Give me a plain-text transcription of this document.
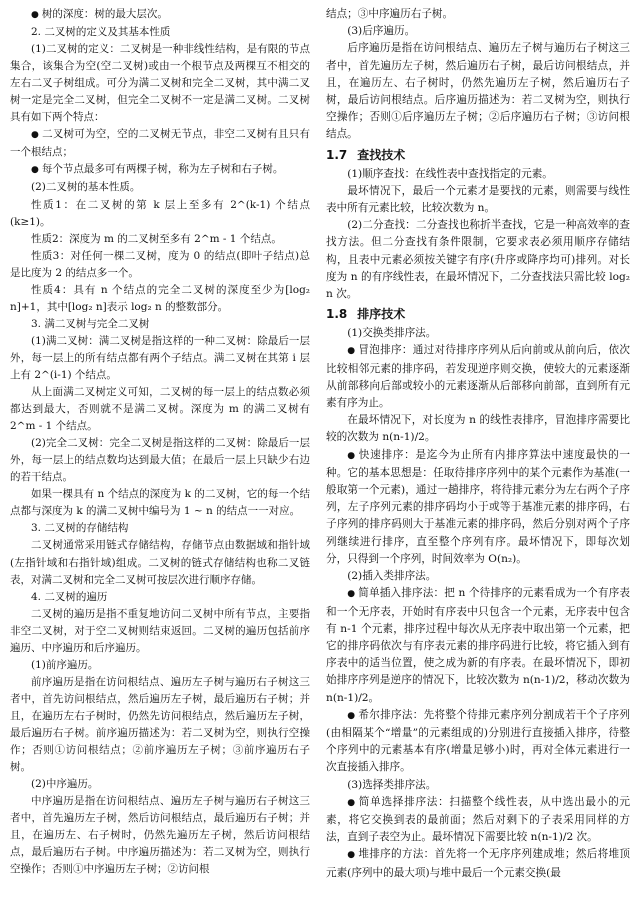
● 树的深度：树的最大层次。
2. 二叉树的定义及其基本性质
(1)二叉树的定义：二叉树是一种非线性结构，是有限的节点集合，该集合为空(空二叉树)或由一个根节点及两棵互不相交的左右二叉子树组成。可分为满二叉树和完全二叉树，其中满二叉树一定是完全二叉树，但完全二叉树不一定是满二叉树。二叉树具有如下两个特点：
● 二叉树可为空，空的二叉树无节点，非空二叉树有且只有一个根结点；
● 每个节点最多可有两棵子树，称为左子树和右子树。
(2)二叉树的基本性质。
性质1：在二叉树的第 k 层上至多有 2^(k-1) 个结点(k≥1)。
性质2：深度为 m 的二叉树至多有 2^m - 1 个结点。
性质3：对任何一棵二叉树，度为 0 的结点(即叶子结点)总是比度为 2 的结点多一个。
性质4：具有 n 个结点的完全二叉树的深度至少为[log₂ n]+1，其中[log₂ n]表示 log₂ n 的整数部分。
3. 满二叉树与完全二叉树
(1)满二叉树：满二叉树是指这样的一种二叉树：除最后一层外，每一层上的所有结点都有两个子结点。满二叉树在其第 i 层上有 2^(i-1) 个结点。
从上面满二叉树定义可知，二叉树的每一层上的结点数必须都达到最大，否则就不是满二叉树。深度为 m 的满二叉树有 2^m - 1 个结点。
(2)完全二叉树：完全二叉树是指这样的二叉树：除最后一层外，每一层上的结点数均达到最大值；在最后一层上只缺少右边的若干结点。
如果一棵具有 n 个结点的深度为 k 的二叉树，它的每一个结点都与深度为 k 的满二叉树中编号为 1 ~ n 的结点一一对应。
3. 二叉树的存储结构
二叉树通常采用链式存储结构，存储节点由数据域和指针域(左指针域和右指针域)组成。二叉树的链式存储结构也称二叉链表，对满二叉树和完全二叉树可按层次进行顺序存储。
4. 二叉树的遍历
二叉树的遍历是指不重复地访问二叉树中所有节点，主要指非空二叉树，对于空二叉树则结束返回。二叉树的遍历包括前序遍历、中序遍历和后序遍历。
(1)前序遍历。
前序遍历是指在访问根结点、遍历左子树与遍历右子树这三者中，首先访问根结点，然后遍历左子树，最后遍历右子树；并且，在遍历左右子树时，仍然先访问根结点，然后遍历左子树，最后遍历右子树。前序遍历描述为：若二叉树为空，则执行空操作；否则①访问根结点；②前序遍历左子树；③前序遍历右子树。
(2)中序遍历。
中序遍历是指在访问根结点、遍历左子树与遍历右子树这三者中，首先遍历左子树，然后访问根结点，最后遍历右子树；并且，在遍历左、右子树时，仍然先遍历左子树，然后访问根结点，最后遍历右子树。中序遍历描述为：若二叉树为空，则执行空操作；否则①中序遍历左子树；②访问根
结点；③中序遍历右子树。
(3)后序遍历。
后序遍历是指在访问根结点、遍历左子树与遍历右子树这三者中，首先遍历左子树，然后遍历右子树，最后访问根结点，并且，在遍历左、右子树时，仍然先遍历左子树，然后遍历右子树，最后访问根结点。后序遍历描述为：若二叉树为空，则执行空操作；否则①后序遍历左子树；②后序遍历右子树；③访问根结点。
1.7 查找技术
(1)顺序查找：在线性表中查找指定的元素。
最坏情况下，最后一个元素才是要找的元素，则需要与线性表中所有元素比较，比较次数为 n。
(2)二分查找：二分查找也称折半查找，它是一种高效率的查找方法。但二分查找有条件限制，它要求表必须用顺序存储结构，且表中元素必须按关键字有序(升序或降序均可)排列。对长度为 n 的有序线性表，在最坏情况下，二分查找法只需比较 log₂ n 次。
1.8 排序技术
(1)交换类排序法。
● 冒泡排序：通过对待排序序列从后向前或从前向后，依次比较相邻元素的排序码，若发现逆序则交换，使较大的元素逐渐从前部移向后部或较小的元素逐渐从后部移向前部，直到所有元素有序为止。
在最坏情况下，对长度为 n 的线性表排序，冒泡排序需要比较的次数为 n(n-1)/2。
● 快速排序：是迄今为止所有内排序算法中速度最快的一种。它的基本思想是：任取待排序序列中的某个元素作为基准(一般取第一个元素)，通过一趟排序，将待排元素分为左右两个子序列，左子序列元素的排序码均小于或等于基准元素的排序码，右子序列的排序码则大于基准元素的排序码，然后分别对两个子序列继续进行排序，直至整个序列有序。最坏情况下，即每次划分，只得到一个序列，时间效率为 O(n₂)。
(2)插入类排序法。
● 简单插入排序法：把 n 个待排序的元素看成为一个有序表和一个无序表，开始时有序表中只包含一个元素，无序表中包含有 n-1 个元素，排序过程中每次从无序表中取出第一个元素，把它的排序码依次与有序表元素的排序码进行比较，将它插入到有序表中的适当位置，使之成为新的有序表。在最坏情况下，即初始排序序列是逆序的情况下，比较次数为 n(n-1)/2，移动次数为 n(n-1)/2。
● 希尔排序法：先将整个待排元素序列分割成若干个子序列(由相隔某个“增量”的元素组成的)分别进行直接插入排序，待整个序列中的元素基本有序(增量足够小)时，再对全体元素进行一次直接插入排序。
(3)选择类排序法。
● 简单选择排序法：扫描整个线性表，从中选出最小的元素，将它交换到表的最前面；然后对剩下的子表采用同样的方法，直到子表空为止。最坏情况下需要比较 n(n-1)/2 次。
● 堆排序的方法：首先将一个无序序列建成堆；然后将堆顶元素(序列中的最大项)与堆中最后一个元素交换(最
